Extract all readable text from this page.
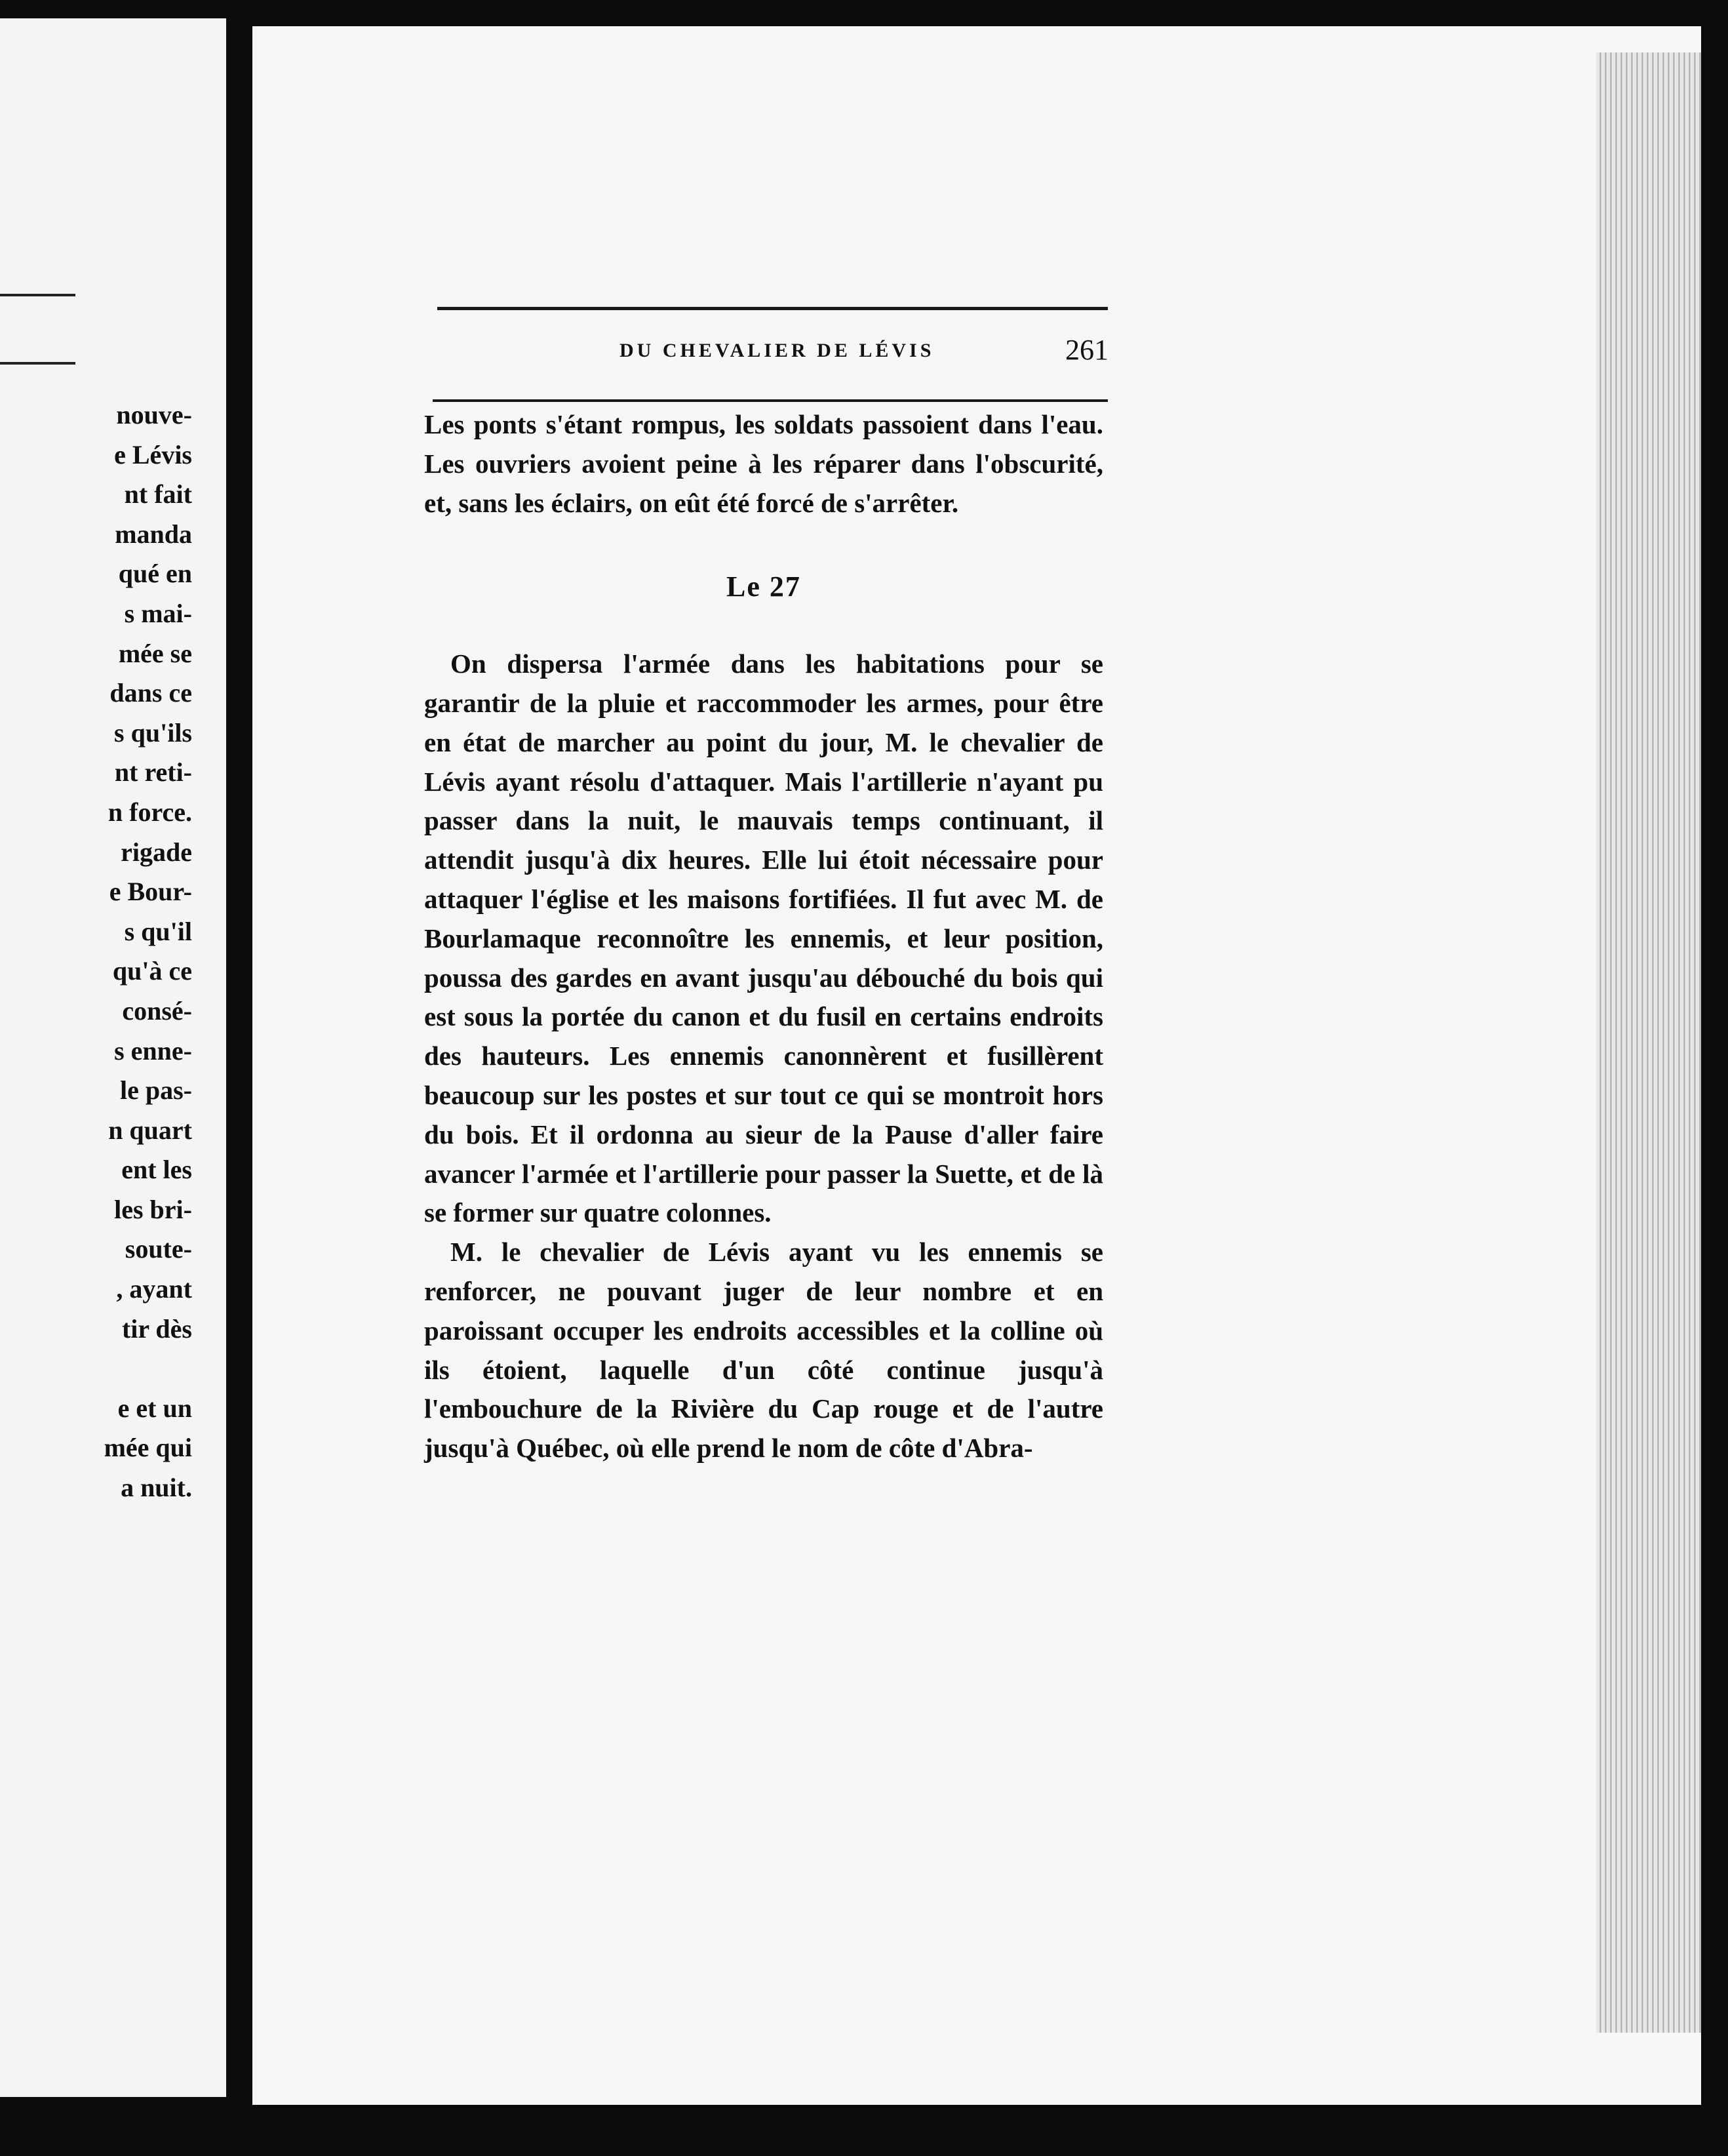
nouve-
e Lévis
nt fait
manda
qué en
s mai-
mée se
dans ce
s qu'ils
nt reti-
n force.
rigade
e Bour-
s qu'il
qu'à ce
consé-
s enne-
le pas-
n quart
ent les
les bri-
soute-
, ayant
tir dès

e et un
mée qui
a nuit.
DU CHEVALIER DE LÉVIS	261

Les ponts s'étant rompus, les soldats passoient dans l'eau. Les ouvriers avoient peine à les réparer dans l'obscurité, et, sans les éclairs, on eût été forcé de s'arrêter.

Le 27

On dispersa l'armée dans les habitations pour se garantir de la pluie et raccommoder les armes, pour être en état de marcher au point du jour, M. le chevalier de Lévis ayant résolu d'attaquer. Mais l'artillerie n'ayant pu passer dans la nuit, le mauvais temps continuant, il attendit jusqu'à dix heures. Elle lui étoit nécessaire pour attaquer l'église et les maisons fortifiées. Il fut avec M. de Bourlamaque reconnoître les ennemis, et leur position, poussa des gardes en avant jusqu'au débouché du bois qui est sous la portée du canon et du fusil en certains endroits des hauteurs. Les ennemis canonnèrent et fusillèrent beaucoup sur les postes et sur tout ce qui se montroit hors du bois. Et il ordonna au sieur de la Pause d'aller faire avancer l'armée et l'artillerie pour passer la Suette, et de là se former sur quatre colonnes.

M. le chevalier de Lévis ayant vu les ennemis se renforcer, ne pouvant juger de leur nombre et en paroissant occuper les endroits accessibles et la colline où ils étoient, laquelle d'un côté continue jusqu'à l'embouchure de la Rivière du Cap rouge et de l'autre jusqu'à Québec, où elle prend le nom de côte d'Abra-
